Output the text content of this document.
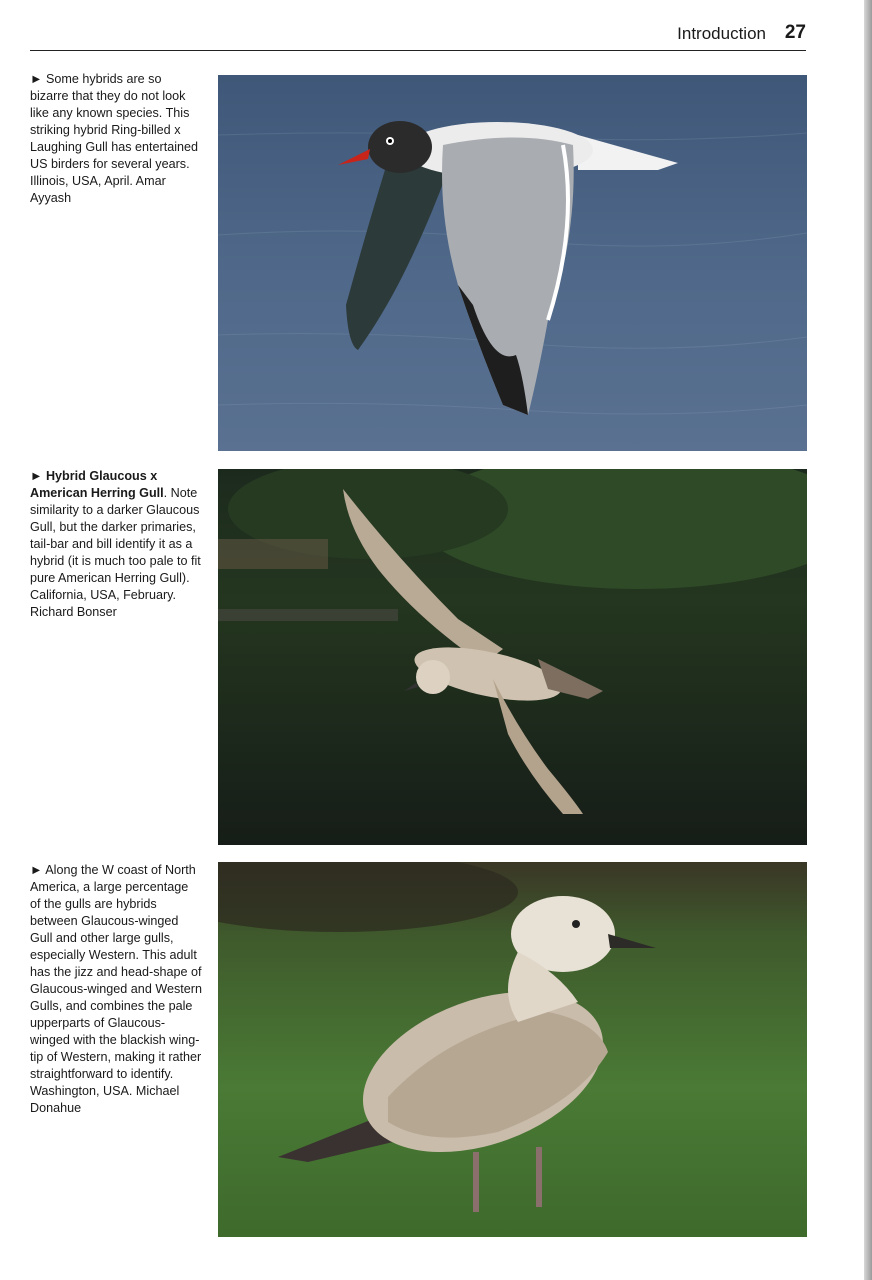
Introduction 27
► Some hybrids are so bizarre that they do not look like any known species. This striking hybrid Ring-billed x Laughing Gull has entertained US birders for several years. Illinois, USA, April. Amar Ayyash
► Hybrid Glaucous x American Herring Gull. Note similarity to a darker Glaucous Gull, but the darker primaries, tail-bar and bill identify it as a hybrid (it is much too pale to fit pure American Herring Gull). California, USA, February. Richard Bonser
► Along the W coast of North America, a large percentage of the gulls are hybrids between Glaucous-winged Gull and other large gulls, especially Western. This adult has the jizz and head-shape of Glaucous-winged and Western Gulls, and combines the pale upperparts of Glaucous-winged with the blackish wing-tip of Western, making it rather straightforward to identify. Washington, USA. Michael Donahue
